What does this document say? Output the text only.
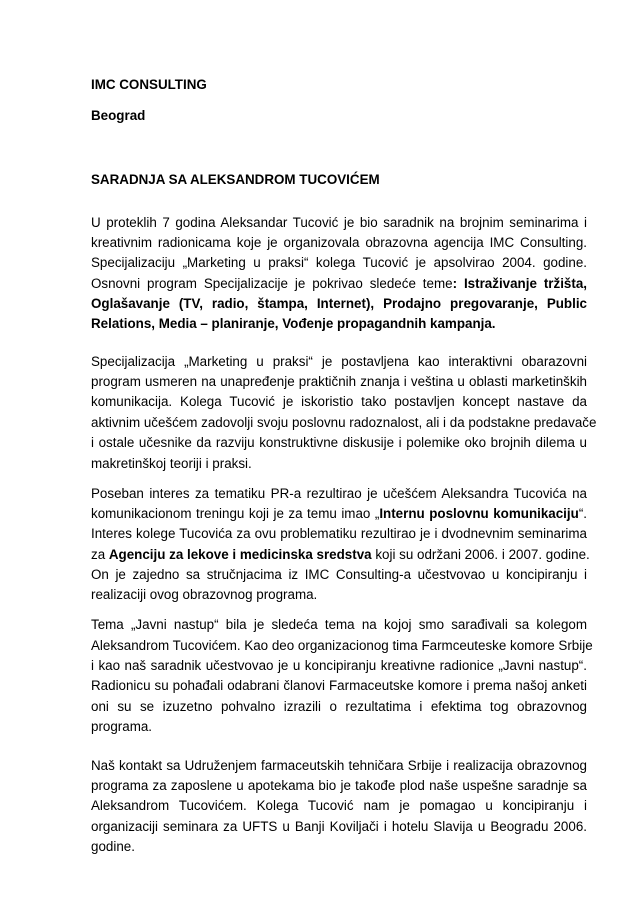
IMC CONSULTING
Beograd
SARADNJA SA ALEKSANDROM TUCOVIĆEM
U proteklih 7 godina Aleksandar Tucović je bio saradnik na brojnim seminarima i
kreativnim radionicama koje je organizovala obrazovna agencija IMC Consulting.
Specijalizaciju „Marketing u praksi“ kolega Tucović je apsolvirao 2004. godine.
Osnovni program Specijalizacije je pokrivao sledeće teme: Istraživanje tržišta,
Oglašavanje (TV, radio, štampa, Internet), Prodajno pregovaranje, Public
Relations, Media – planiranje, Vođenje propagandnih kampanja.
Specijalizacija „Marketing u praksi“ je postavljena kao interaktivni obarazovni
program usmeren na unapređenje praktičnih znanja i veština u oblasti marketinških
komunikacija. Kolega Tucović je iskoristio tako postavljen koncept nastave da
aktivnim učešćem zadovolji svoju poslovnu radoznalost, ali i da podstakne predavače
i ostale učesnike da razviju konstruktivne diskusije i polemike oko brojnih dilema u
makretinškoj teoriji i praksi.
Poseban interes za tematiku PR-a rezultirao je učešćem Aleksandra Tucovića na
komunikacionom treningu koji je za temu imao „Internu poslovnu komunikaciju“.
Interes kolege Tucovića za ovu problematiku rezultirao je i dvodnevnim seminarima
za Agenciju za lekove i medicinska sredstva koji su održani 2006. i 2007. godine.
On je zajedno sa stručnjacima iz IMC Consulting-a učestvovao u koncipiranju i
realizaciji ovog obrazovnog programa.
Tema „Javni nastup“ bila je sledeća tema na kojoj smo sarađivali sa kolegom
Aleksandrom Tucovićem. Kao deo organizacionog tima Farmceuteske komore Srbije
i kao naš saradnik učestvovao je u koncipiranju kreativne radionice „Javni nastup“.
Radionicu su pohađali odabrani članovi Farmaceutske komore i prema našoj anketi
oni su se izuzetno pohvalno izrazili o rezultatima i efektima tog obrazovnog
programa.
Naš kontakt sa Udruženjem farmaceutskih tehničara Srbije i realizacija obrazovnog
programa za zaposlene u apotekama bio je takođe plod naše uspešne saradnje sa
Aleksandrom Tucovićem. Kolega Tucović nam je pomagao u koncipiranju i
organizaciji seminara za UFTS u Banji Koviljači i hotelu Slavija u Beogradu 2006.
godine.
